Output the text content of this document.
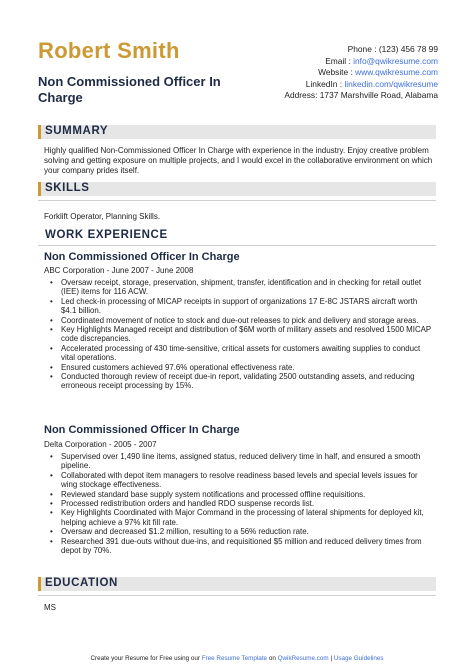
Robert Smith
Non Commissioned Officer In Charge
Phone : (123) 456 78 99
Email : info@qwikresume.com
Website : www.qwikresume.com
LinkedIn : linkedin.com/qwikresume
Address: 1737 Marshville Road, Alabama
SUMMARY
Highly qualified Non-Commissioned Officer In Charge with experience in the industry. Enjoy creative problem solving and getting exposure on multiple projects, and I would excel in the collaborative environment on which your company prides itself.
SKILLS
Forklift Operator, Planning Skills.
WORK EXPERIENCE
Non Commissioned Officer In Charge
ABC Corporation - June 2007 - June 2008
• Oversaw receipt, storage, preservation, shipment, transfer, identification and in checking for retail outlet (IEE) items for 116 ACW.
• Led check-in processing of MICAP receipts in support of organizations 17 E-8C JSTARS aircraft worth $4.1 billion.
• Coordinated movement of notice to stock and due-out releases to pick and delivery and storage areas.
• Key Highlights Managed receipt and distribution of $6M worth of military assets and resolved 1500 MICAP code discrepancies.
• Accelerated processing of 430 time-sensitive, critical assets for customers awaiting supplies to conduct vital operations.
• Ensured customers achieved 97.6% operational effectiveness rate.
• Conducted thorough review of receipt due-in report, validating 2500 outstanding assets, and reducing erroneous receipt processing by 15%.
Non Commissioned Officer In Charge
Delta Corporation - 2005 - 2007
• Supervised over 1,490 line items, assigned status, reduced delivery time in half, and ensured a smooth pipeline.
• Collaborated with depot item managers to resolve readiness based levels and special levels issues for wing stockage effectiveness.
• Reviewed standard base supply system notifications and processed offline requisitions.
• Processed redistribution orders and handled RDO suspense records list.
• Key Highlights Coordinated with Major Command in the processing of lateral shipments for deployed kit, helping achieve a 97% kit fill rate.
• Oversaw and decreased $1.2 million, resulting to a 56% reduction rate.
• Researched 391 due-outs without due-ins, and requisitioned $5 million and reduced delivery times from depot by 70%.
EDUCATION
MS
Create your Resume for Free using our Free Resume Template on QwikResume.com | Usage Guidelines
